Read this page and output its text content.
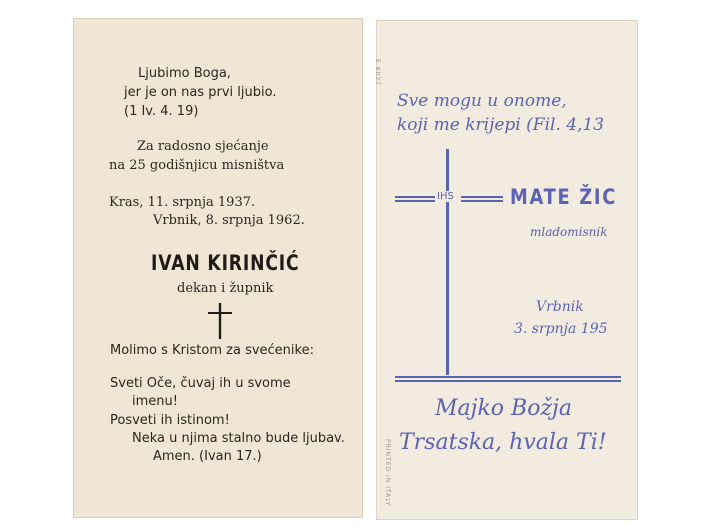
Ljubimo Boga,
jer je on nas prvi ljubio.
(1 Iv. 4. 19)
Za radosno sjećanje
na 25 godišnjicu misništva
Kras, 11. srpnja 1937.
Vrbnik, 8. srpnja 1962.
IVAN KIRINČIĆ
dekan i župnik
Molimo s Kristom za svećenike:
Sveti Oče, čuvaj ih u svome
imenu!
Posveti ih istinom!
Neka u njima stalno bude ljubav.
Amen. (Ivan 17.)
E 6027
Sve mogu u onome,
koji me krijepi (Fil. 4,13
IHS	MATE ŽIC
mladomisnik
Vrbnik
3. srpnja 195
Majko Božja
Trsatska, hvala Ti!
PRINTED IN ITALY
